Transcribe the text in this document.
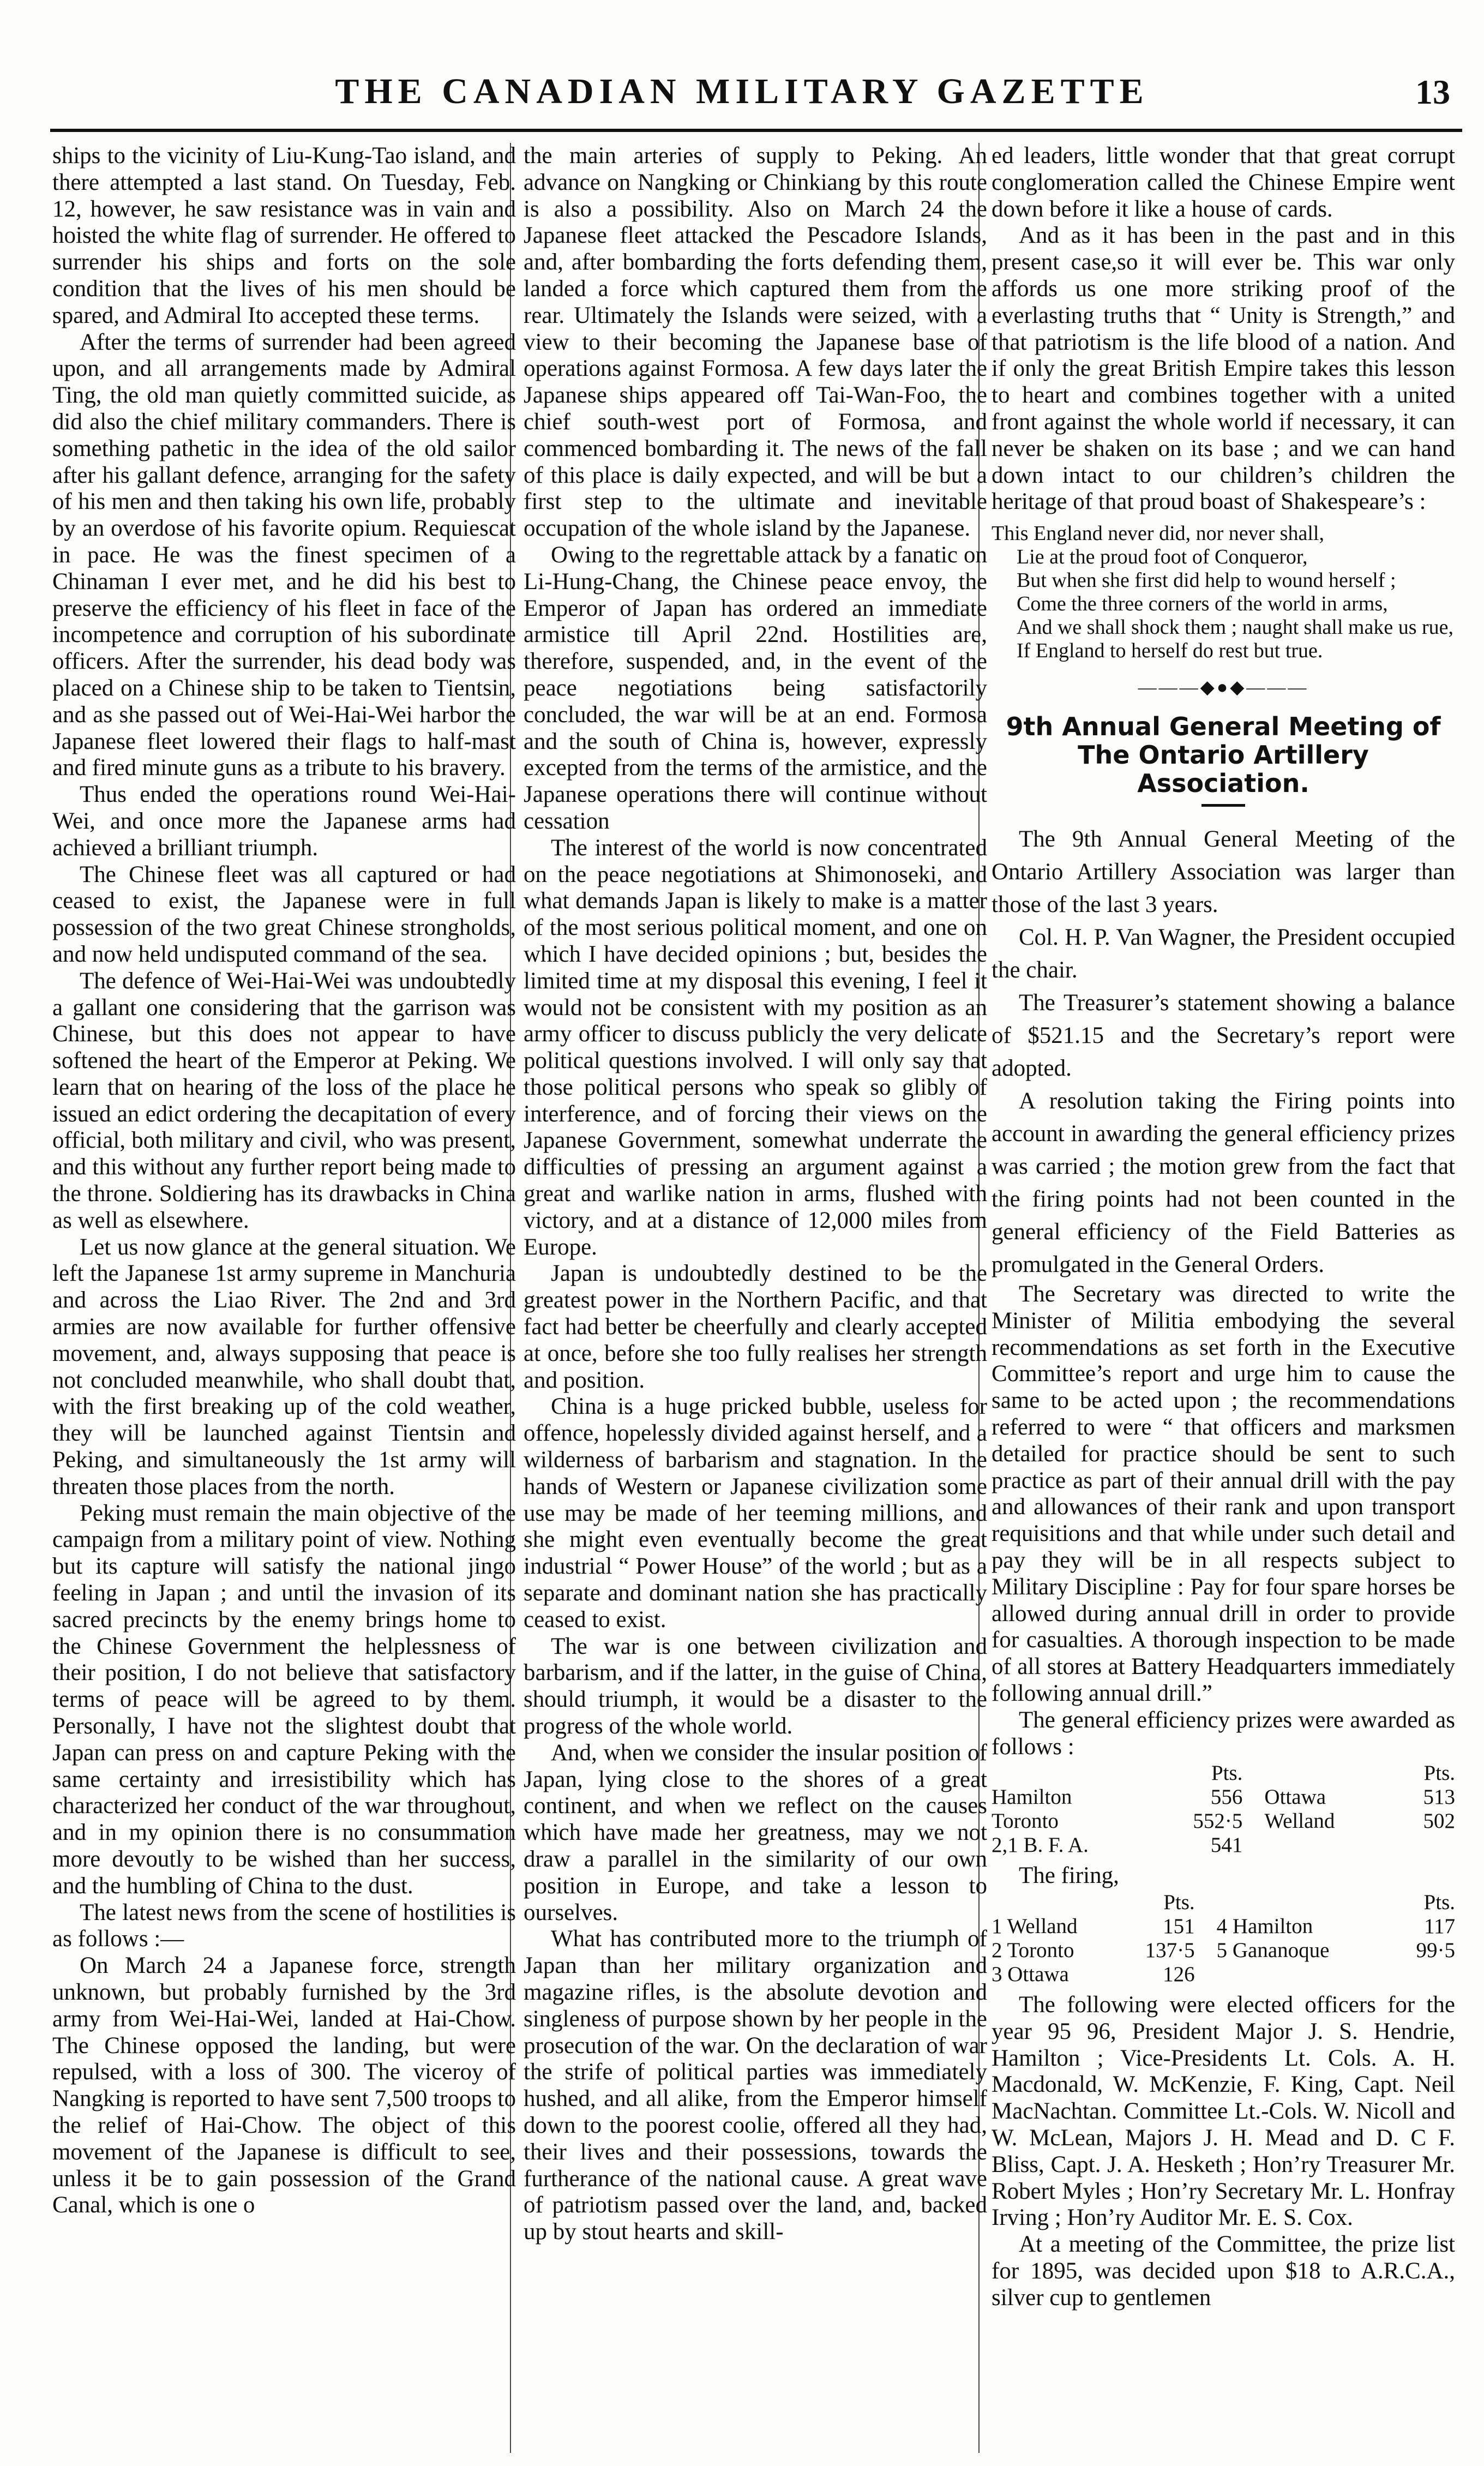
THE CANADIAN MILITARY GAZETTE	13

ships to the vicinity of Liu-Kung-Tao island, and there attempted a last stand. On Tuesday, Feb. 12, however, he saw resistance was in vain and hoisted the white flag of surrender. He offered to surrender his ships and forts on the sole condition that the lives of his men should be spared, and Admiral Ito accepted these terms.

After the terms of surrender had been agreed upon, and all arrangements made by Admiral Ting, the old man quietly committed suicide, as did also the chief military commanders. There is something pathetic in the idea of the old sailor after his gallant defence, arranging for the safety of his men and then taking his own life, probably by an overdose of his favorite opium. Requiescat in pace. He was the finest specimen of a Chinaman I ever met, and he did his best to preserve the efficiency of his fleet in face of the incompetence and corruption of his subordinate officers. After the surrender, his dead body was placed on a Chinese ship to be taken to Tientsin, and as she passed out of Wei-Hai-Wei harbor the Japanese fleet lowered their flags to half-mast and fired minute guns as a tribute to his bravery.

Thus ended the operations round Wei-Hai-Wei, and once more the Japanese arms had achieved a brilliant triumph.

The Chinese fleet was all captured or had ceased to exist, the Japanese were in full possession of the two great Chinese strongholds, and now held undisputed command of the sea.

The defence of Wei-Hai-Wei was undoubtedly a gallant one considering that the garrison was Chinese, but this does not appear to have softened the heart of the Emperor at Peking. We learn that on hearing of the loss of the place he issued an edict ordering the decapitation of every official, both military and civil, who was present, and this without any further report being made to the throne. Soldiering has its drawbacks in China as well as elsewhere.

Let us now glance at the general situation. We left the Japanese 1st army supreme in Manchuria and across the Liao River. The 2nd and 3rd armies are now available for further offensive movement, and, always supposing that peace is not concluded meanwhile, who shall doubt that, with the first breaking up of the cold weather, they will be launched against Tientsin and Peking, and simultaneously the 1st army will threaten those places from the north.

Peking must remain the main objective of the campaign from a military point of view. Nothing but its capture will satisfy the national jingo feeling in Japan ; and until the invasion of its sacred precincts by the enemy brings home to the Chinese Government the helplessness of their position, I do not believe that satisfactory terms of peace will be agreed to by them. Personally, I have not the slightest doubt that Japan can press on and capture Peking with the same certainty and irresistibility which has characterized her conduct of the war throughout, and in my opinion there is no consummation more devoutly to be wished than her success, and the humbling of China to the dust.

The latest news from the scene of hostilities is as follows :—

On March 24 a Japanese force, strength unknown, but probably furnished by the 3rd army from Wei-Hai-Wei, landed at Hai-Chow. The Chinese opposed the landing, but were repulsed, with a loss of 300. The viceroy of Nangking is reported to have sent 7,500 troops to the relief of Hai-Chow. The object of this movement of the Japanese is difficult to see, unless it be to gain possession of the Grand Canal, which is one o

the main arteries of supply to Peking. An advance on Nangking or Chinkiang by this route is also a possibility. Also on March 24 the Japanese fleet attacked the Pescadore Islands, and, after bombarding the forts defending them, landed a force which captured them from the rear. Ultimately the Islands were seized, with a view to their becoming the Japanese base of operations against Formosa. A few days later the Japanese ships appeared off Tai-Wan-Foo, the chief south-west port of Formosa, and commenced bombarding it. The news of the fall of this place is daily expected, and will be but a first step to the ultimate and inevitable occupation of the whole island by the Japanese.

Owing to the regrettable attack by a fanatic on Li-Hung-Chang, the Chinese peace envoy, the Emperor of Japan has ordered an immediate armistice till April 22nd. Hostilities are, therefore, suspended, and, in the event of the peace negotiations being satisfactorily concluded, the war will be at an end. Formosa and the south of China is, however, expressly excepted from the terms of the armistice, and the Japanese operations there will continue without cessation

The interest of the world is now concentrated on the peace negotiations at Shimonoseki, and what demands Japan is likely to make is a matter of the most serious political moment, and one on which I have decided opinions ; but, besides the limited time at my disposal this evening, I feel it would not be consistent with my position as an army officer to discuss publicly the very delicate political questions involved. I will only say that those political persons who speak so glibly of interference, and of forcing their views on the Japanese Government, somewhat underrate the difficulties of pressing an argument against a great and warlike nation in arms, flushed with victory, and at a distance of 12,000 miles from Europe.

Japan is undoubtedly destined to be the greatest power in the Northern Pacific, and that fact had better be cheerfully and clearly accepted at once, before she too fully realises her strength and position.

China is a huge pricked bubble, useless for offence, hopelessly divided against herself, and a wilderness of barbarism and stagnation. In the hands of Western or Japanese civilization some use may be made of her teeming millions, and she might even eventually become the great industrial “ Power House” of the world ; but as a separate and dominant nation she has practically ceased to exist.

The war is one between civilization and barbarism, and if the latter, in the guise of China, should triumph, it would be a disaster to the progress of the whole world.

And, when we consider the insular position of Japan, lying close to the shores of a great continent, and when we reflect on the causes which have made her greatness, may we not draw a parallel in the similarity of our own position in Europe, and take a lesson to ourselves.

What has contributed more to the triumph of Japan than her military organization and magazine rifles, is the absolute devotion and singleness of purpose shown by her people in the prosecution of the war. On the declaration of war the strife of political parties was immediately hushed, and all alike, from the Emperor himself down to the poorest coolie, offered all they had, their lives and their possessions, towards the furtherance of the national cause. A great wave of patriotism passed over the land, and, backed up by stout hearts and skill-

ed leaders, little wonder that that great corrupt conglomeration called the Chinese Empire went down before it like a house of cards.

And as it has been in the past and in this present case,so it will ever be. This war only affords us one more striking proof of the everlasting truths that “ Unity is Strength,” and that patriotism is the life blood of a nation. And if only the great British Empire takes this lesson to heart and combines together with a united front against the whole world if necessary, it can never be shaken on its base ; and we can hand down intact to our children’s children the heritage of that proud boast of Shakespeare’s :

This England never did, nor never shall,
Lie at the proud foot of Conqueror,
But when she first did help to wound herself ;
Come the three corners of the world in arms,
And we shall shock them ; naught shall make us rue,
If England to herself do rest but true.
———◆●◆———
9th Annual General Meeting of The Ontario Artillery Association.

The 9th Annual General Meeting of the Ontario Artillery Association was larger than those of the last 3 years.

Col. H. P. Van Wagner, the President occupied the chair.

The Treasurer’s statement showing a balance of $521.15 and the Secretary’s report were adopted.

A resolution taking the Firing points into account in awarding the general efficiency prizes was carried ; the motion grew from the fact that the firing points had not been counted in the general efficiency of the Field Batteries as promulgated in the General Orders.

The Secretary was directed to write the Minister of Militia embodying the several recommendations as set forth in the Executive Committee’s report and urge him to cause the same to be acted upon ; the recommendations referred to were “ that officers and marksmen detailed for practice should be sent to such practice as part of their annual drill with the pay and allowances of their rank and upon transport requisitions and that while under such detail and pay they will be in all respects subject to Military Discipline : Pay for four spare horses be allowed during annual drill in order to provide for casualties. A thorough inspection to be made of all stores at Battery Headquarters immediately following annual drill.”

The general efficiency prizes were awarded as follows :

	Pts.		Pts.
Hamilton	556	Ottawa	513
Toronto	552·5	Welland	502
2,1 B. F. A.	541		

The firing,

	Pts.		Pts.
1 Welland	151	4 Hamilton	117
2 Toronto	137·5	5 Gananoque	99·5
3 Ottawa	126		

The following were elected officers for the year 95 96, President Major J. S. Hendrie, Hamilton ; Vice-Presidents Lt. Cols. A. H. Macdonald, W. McKenzie, F. King, Capt. Neil MacNachtan. Committee Lt.-Cols. W. Nicoll and W. McLean, Majors J. H. Mead and D. C F. Bliss, Capt. J. A. Hesketh ; Hon’ry Treasurer Mr. Robert Myles ; Hon’ry Secretary Mr. L. Honfray Irving ; Hon’ry Auditor Mr. E. S. Cox.

At a meeting of the Committee, the prize list for 1895, was decided upon $18 to A.R.C.A., silver cup to gentlemen
